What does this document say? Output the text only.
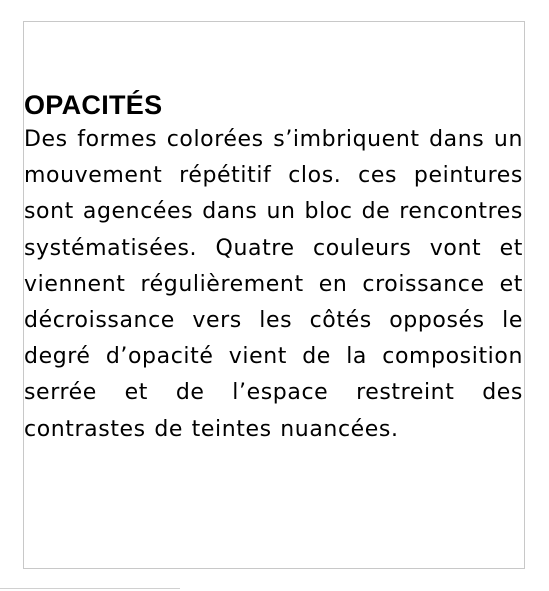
OPACITÉS

Des formes colorées s’imbriquent dans un mouvement répétitif clos. ces peintures sont agencées dans un bloc de rencontres systématisées. Quatre couleurs vont et viennent régulièrement en croissance et décroissance vers les côtés opposés le degré d’opacité vient de la composition serrée et de l’espace restreint des contrastes de teintes nuancées.
